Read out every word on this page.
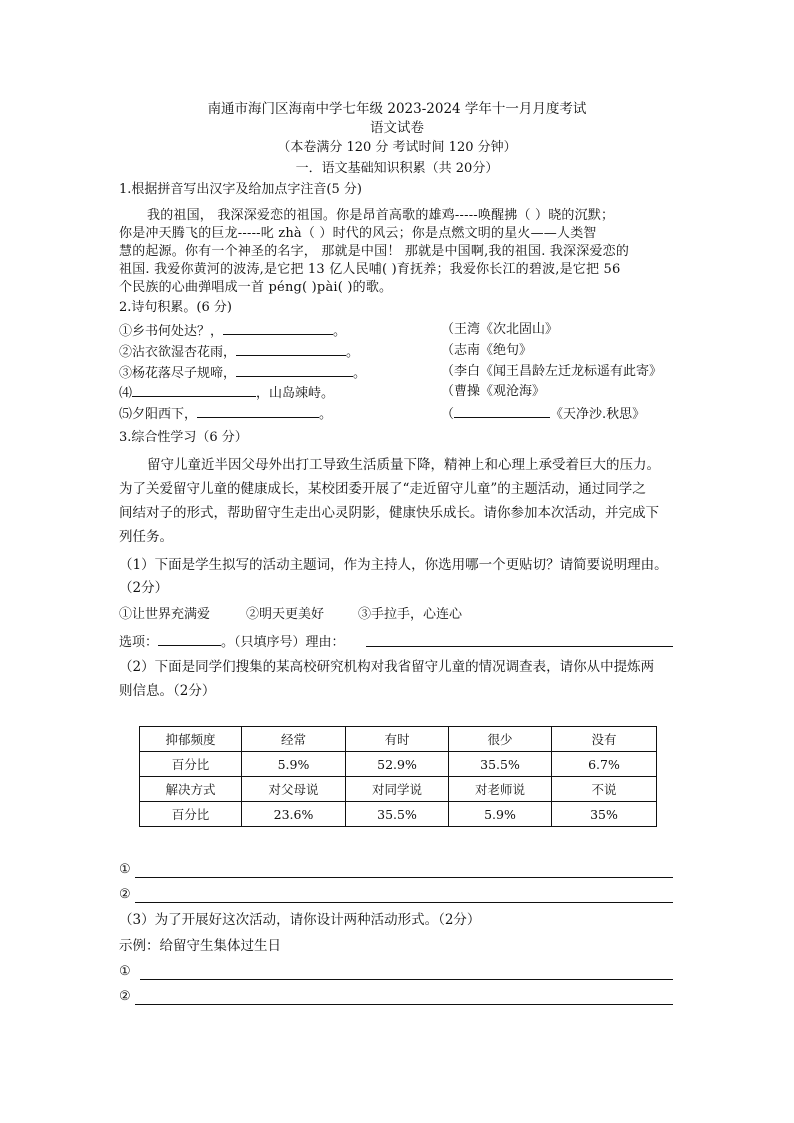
南通市海门区海南中学七年级 2023-2024 学年十一月月度考试
语文试卷
（本卷满分 120 分 考试时间 120 分钟）
一．语文基础知识积累（共 20分）
1.根据拼音写出汉字及给加点字注音(5 分)
我的祖国， 我深深爱恋的祖国。你是昂首高歌的雄鸡-----唤醒拂（ ）晓的沉默；
你是冲天腾飞的巨龙-----叱 zhà（ ）时代的风云；你是点燃文明的星火——人类智
慧的起源。你有一个神圣的名字， 那就是中国！ 那就是中国啊,我的祖国. 我深深爱恋的
祖国. 我爱你黄河的波涛,是它把 13 亿人民哺( )育抚养；我爱你长江的碧波,是它把 56
个民族的心曲弹唱成一首 péng( )pài( )的歌。
2.诗句积累。(6 分)
①乡书何处达？，	。	（王湾《次北固山》
②沾衣欲湿杏花雨，	。	（志南《绝句》
③杨花落尽子规啼，	。	（李白《闻王昌龄左迁龙标遥有此寄》
⑷	，山岛竦峙。	（曹操《观沧海》
⑸夕阳西下，	。	（	《天净沙.秋思》
3.综合性学习（6 分）
留守儿童近半因父母外出打工导致生活质量下降，精神上和心理上承受着巨大的压力。
为了关爱留守儿童的健康成长，某校团委开展了“走近留守儿童”的主题活动，通过同学之
间结对子的形式，帮助留守生走出心灵阴影，健康快乐成长。请你参加本次活动，并完成下
列任务。
（1）下面是学生拟写的活动主题词，作为主持人，你选用哪一个更贴切？请简要说明理由。
（2分）
①让世界充满爱	②明天更美好	③手拉手，心连心
选项：	。（只填序号）理由：
（2）下面是同学们搜集的某高校研究机构对我省留守儿童的情况调查表，请你从中提炼两
则信息。（2分）
抑郁频度	经常	有时	很少	没有
百分比	5.9%	52.9%	35.5%	6.7%
解决方式	对父母说	对同学说	对老师说	不说
百分比	23.6%	35.5%	5.9%	35%
①
②
（3）为了开展好这次活动，请你设计两种活动形式。（2分）
示例：给留守生集体过生日
①
②
